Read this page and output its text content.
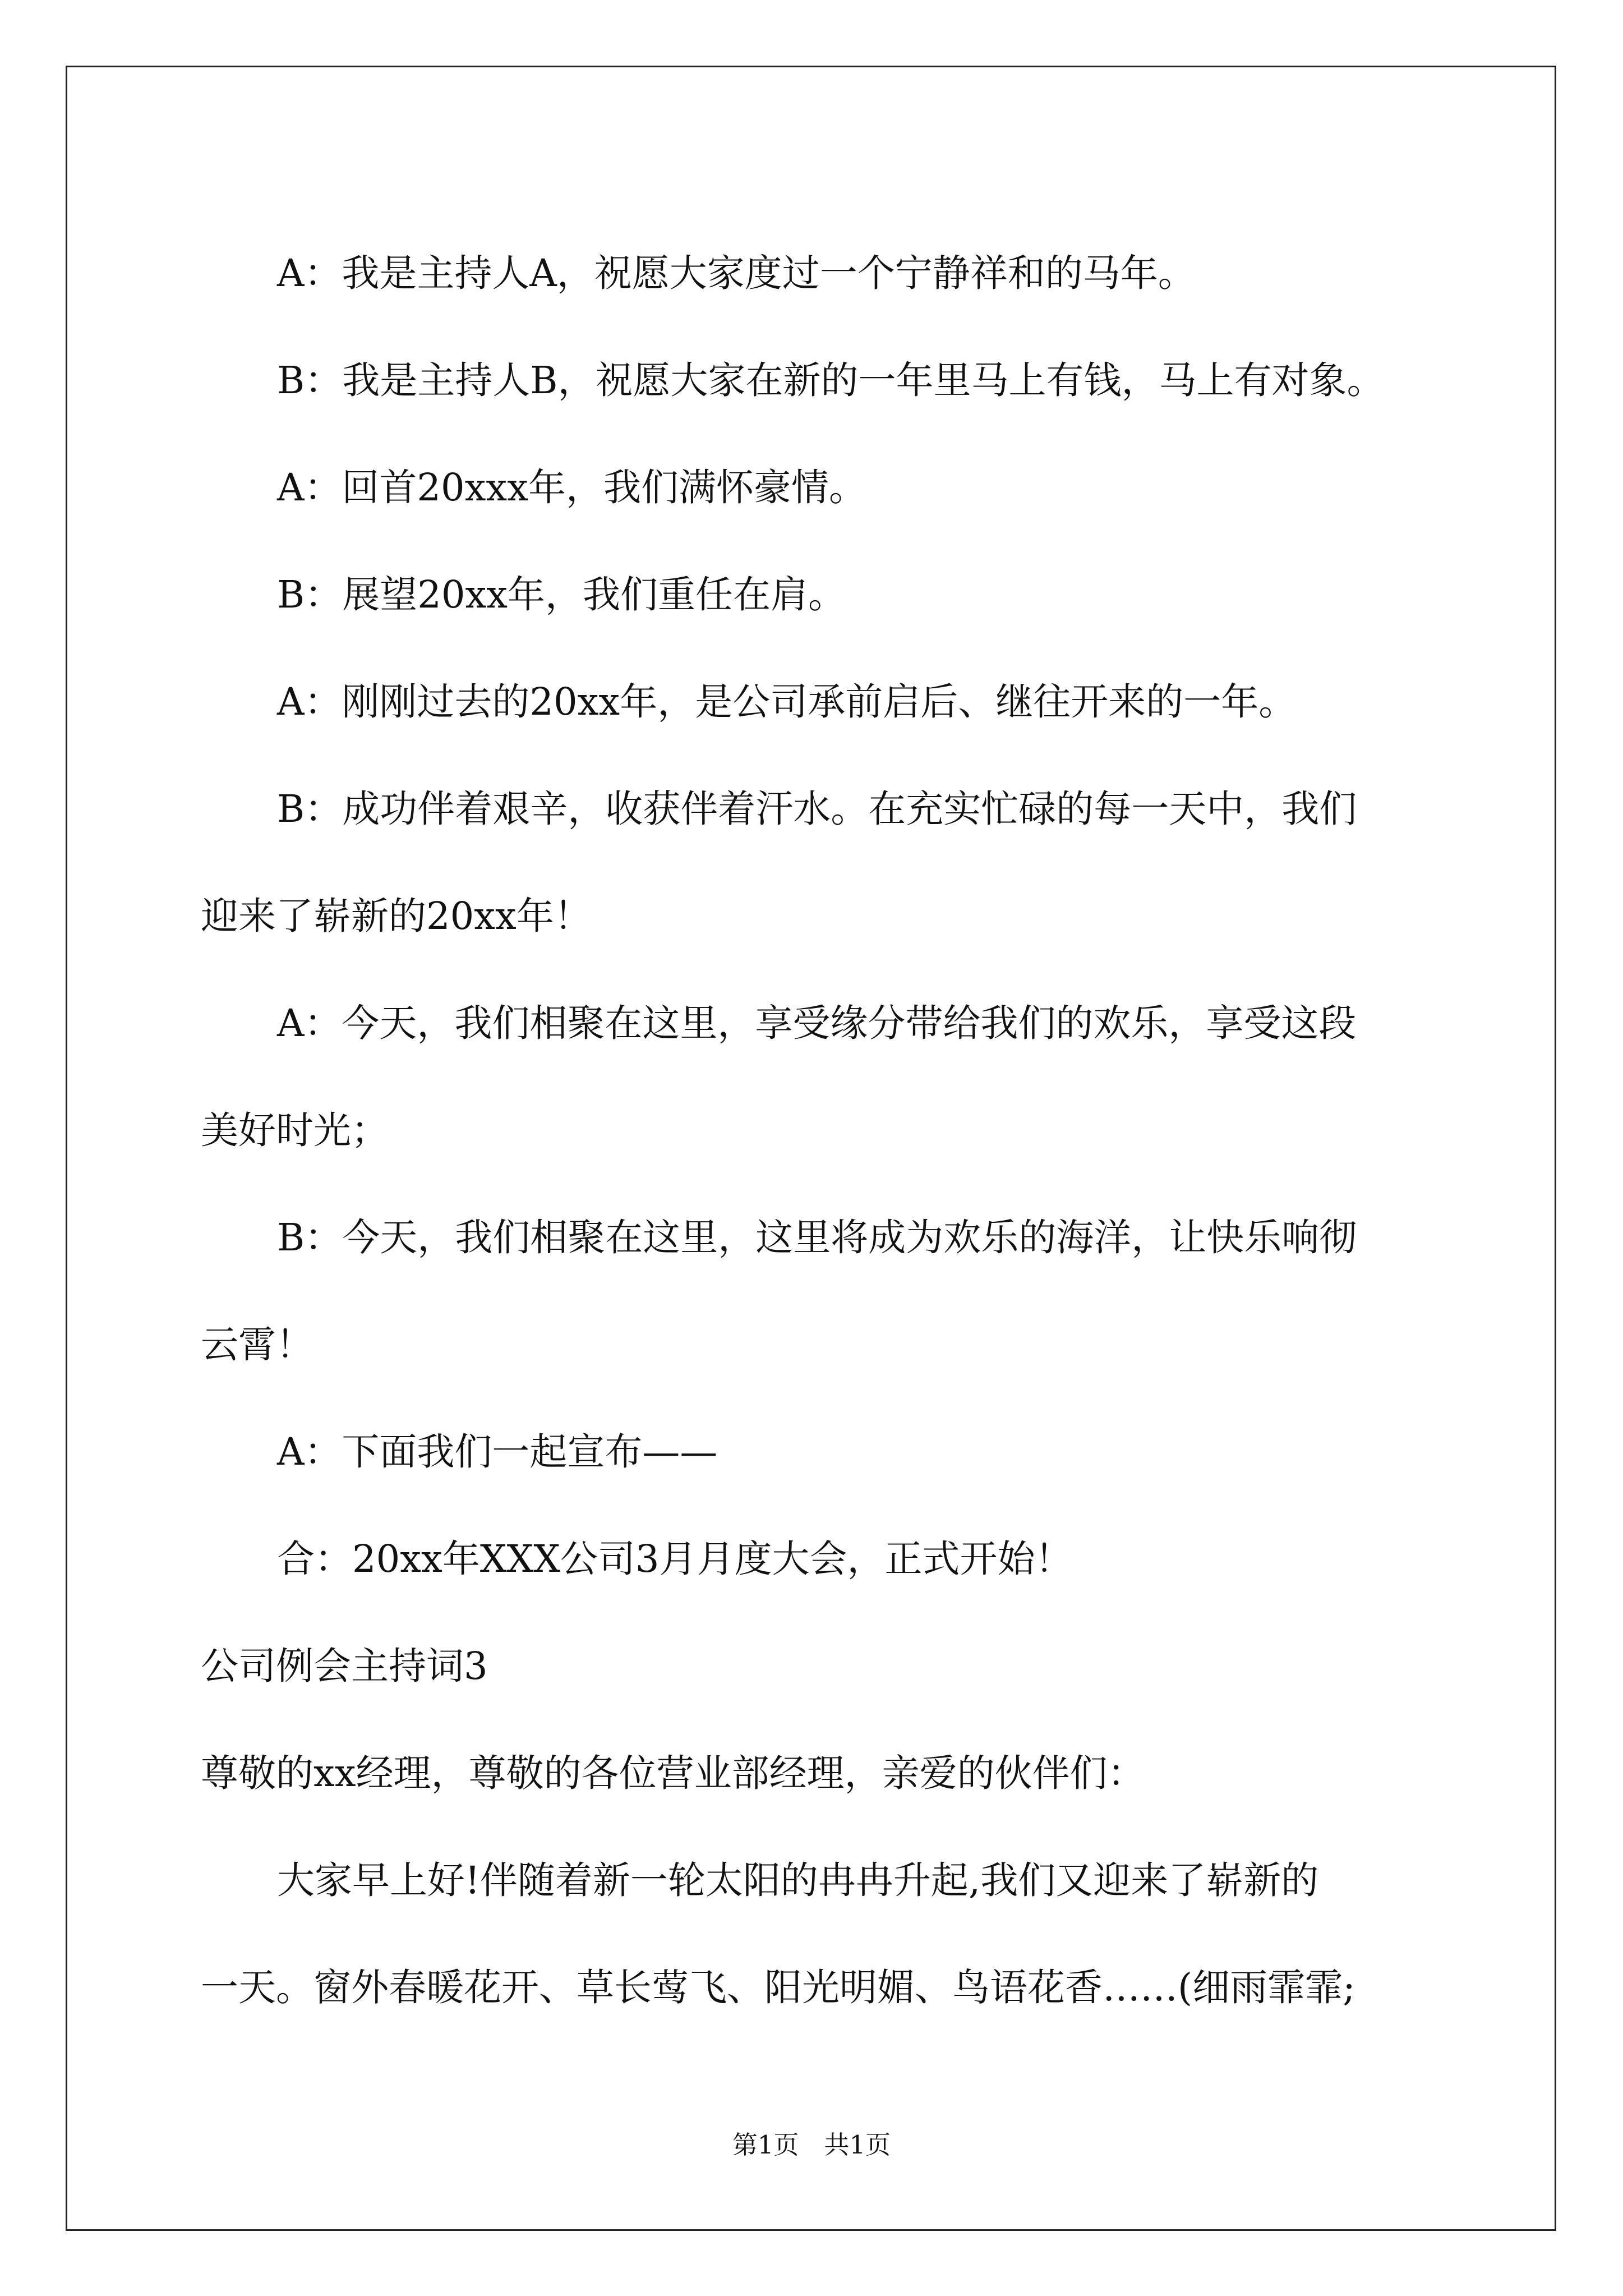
A：我是主持人A，祝愿大家度过一个宁静祥和的马年。

B：我是主持人B，祝愿大家在新的一年里马上有钱，马上有对象。

A：回首20xxx年，我们满怀豪情。

B：展望20xx年，我们重任在肩。

A：刚刚过去的20xx年，是公司承前启后、继往开来的一年。

B：成功伴着艰辛，收获伴着汗水。在充实忙碌的每一天中，我们

迎来了崭新的20xx年！

A：今天，我们相聚在这里，享受缘分带给我们的欢乐，享受这段

美好时光；

B：今天，我们相聚在这里，这里将成为欢乐的海洋，让快乐响彻

云霄！

A：下面我们一起宣布——

合：20xx年XXX公司3月月度大会，正式开始！

公司例会主持词3

尊敬的xx经理，尊敬的各位营业部经理，亲爱的伙伴们：

大家早上好!伴随着新一轮太阳的冉冉升起,我们又迎来了崭新的

一天。窗外春暖花开、草长莺飞、阳光明媚、鸟语花香……(细雨霏霏;

第1页　共1页
